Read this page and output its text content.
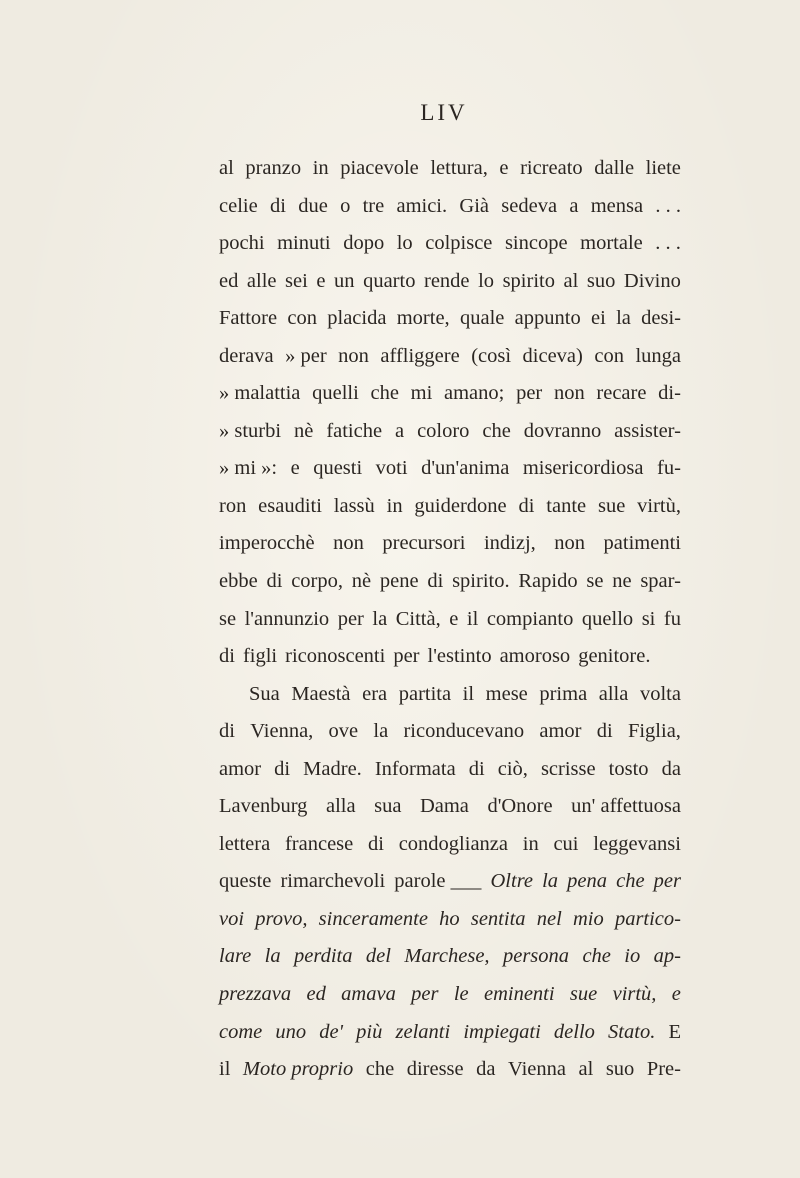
LIV
al pranzo in piacevole lettura, e ricreato dalle liete
celie di due o tre amici. Già sedeva a mensa . . .
pochi minuti dopo lo colpisce sincope mortale . . .
ed alle sei e un quarto rende lo spirito al suo Divino
Fattore con placida morte, quale appunto ei la desi-
derava » per non affliggere (così diceva) con lunga
» malattia quelli che mi amano; per non recare di-
» sturbi nè fatiche a coloro che dovranno assister-
» mi »: e questi voti d'un'anima misericordiosa fu-
ron esauditi lassù in guiderdone di tante sue virtù,
imperocchè non precursori indizj, non patimenti
ebbe di corpo, nè pene di spirito. Rapido se ne spar-
se l'annunzio per la Città, e il compianto quello si fu
di figli riconoscenti per l'estinto amoroso genitore.
Sua Maestà era partita il mese prima alla volta
di Vienna, ove la riconducevano amor di Figlia,
amor di Madre. Informata di ciò, scrisse tosto da
Lavenburg alla sua Dama d'Onore un' affettuosa
lettera francese di condoglianza in cui leggevansi
queste rimarchevoli parole ___ Oltre la pena che per
voi provo, sinceramente ho sentita nel mio partico-
lare la perdita del Marchese, persona che io ap-
prezzava ed amava per le eminenti sue virtù, e
come uno de' più zelanti impiegati dello Stato. E
il Moto proprio che diresse da Vienna al suo Pre-
